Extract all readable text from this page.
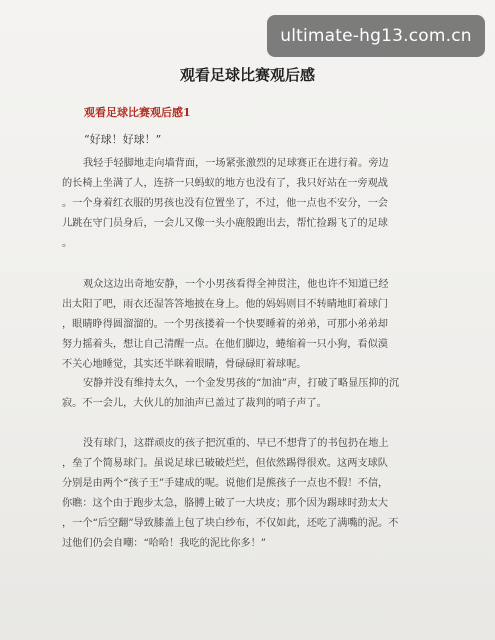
ultimate-hg13.com.cn
观看足球比赛观后感
观看足球比赛观后感1
“好球！好球！”
我轻手轻脚地走向墙背面，一场紧张激烈的足球赛正在进行着。旁边
的长椅上坐满了人，连挤一只蚂蚁的地方也没有了，我只好站在一旁观战
。一个身着红衣服的男孩也没有位置坐了，不过，他一点也不安分，一会
儿跳在守门员身后，一会儿又像一头小鹿般跑出去，帮忙捡踢飞了的足球
。
观众这边出奇地安静，一个小男孩看得全神贯注，他也许不知道已经
出太阳了吧，雨衣还湿答答地披在身上。他的妈妈则目不转睛地盯着球门
，眼睛睁得圆溜溜的。一个男孩搂着一个快要睡着的弟弟，可那小弟弟却
努力摇着头，想让自己清醒一点。在他们脚边，蜷缩着一只小狗，看似漠
不关心地睡觉，其实还半眯着眼睛，骨碌碌盯着球呢。
安静并没有维持太久，一个金发男孩的“加油”声，打破了略显压抑的沉
寂。不一会儿，大伙儿的加油声已盖过了裁判的哨子声了。
没有球门，这群顽皮的孩子把沉重的、早已不想背了的书包扔在地上
，垒了个简易球门。虽说足球已破破烂烂，但依然踢得很欢。这两支球队
分别是由两个“孩子王”手建成的呢。说他们是熊孩子一点也不假！不信，
你瞧：这个由于跑步太急，胳膊上破了一大块皮；那个因为踢球时劲太大
，一个“后空翻”导致膝盖上包了块白纱布，不仅如此，还吃了满嘴的泥。不
过他们仍会自嘲：“哈哈！我吃的泥比你多！”
